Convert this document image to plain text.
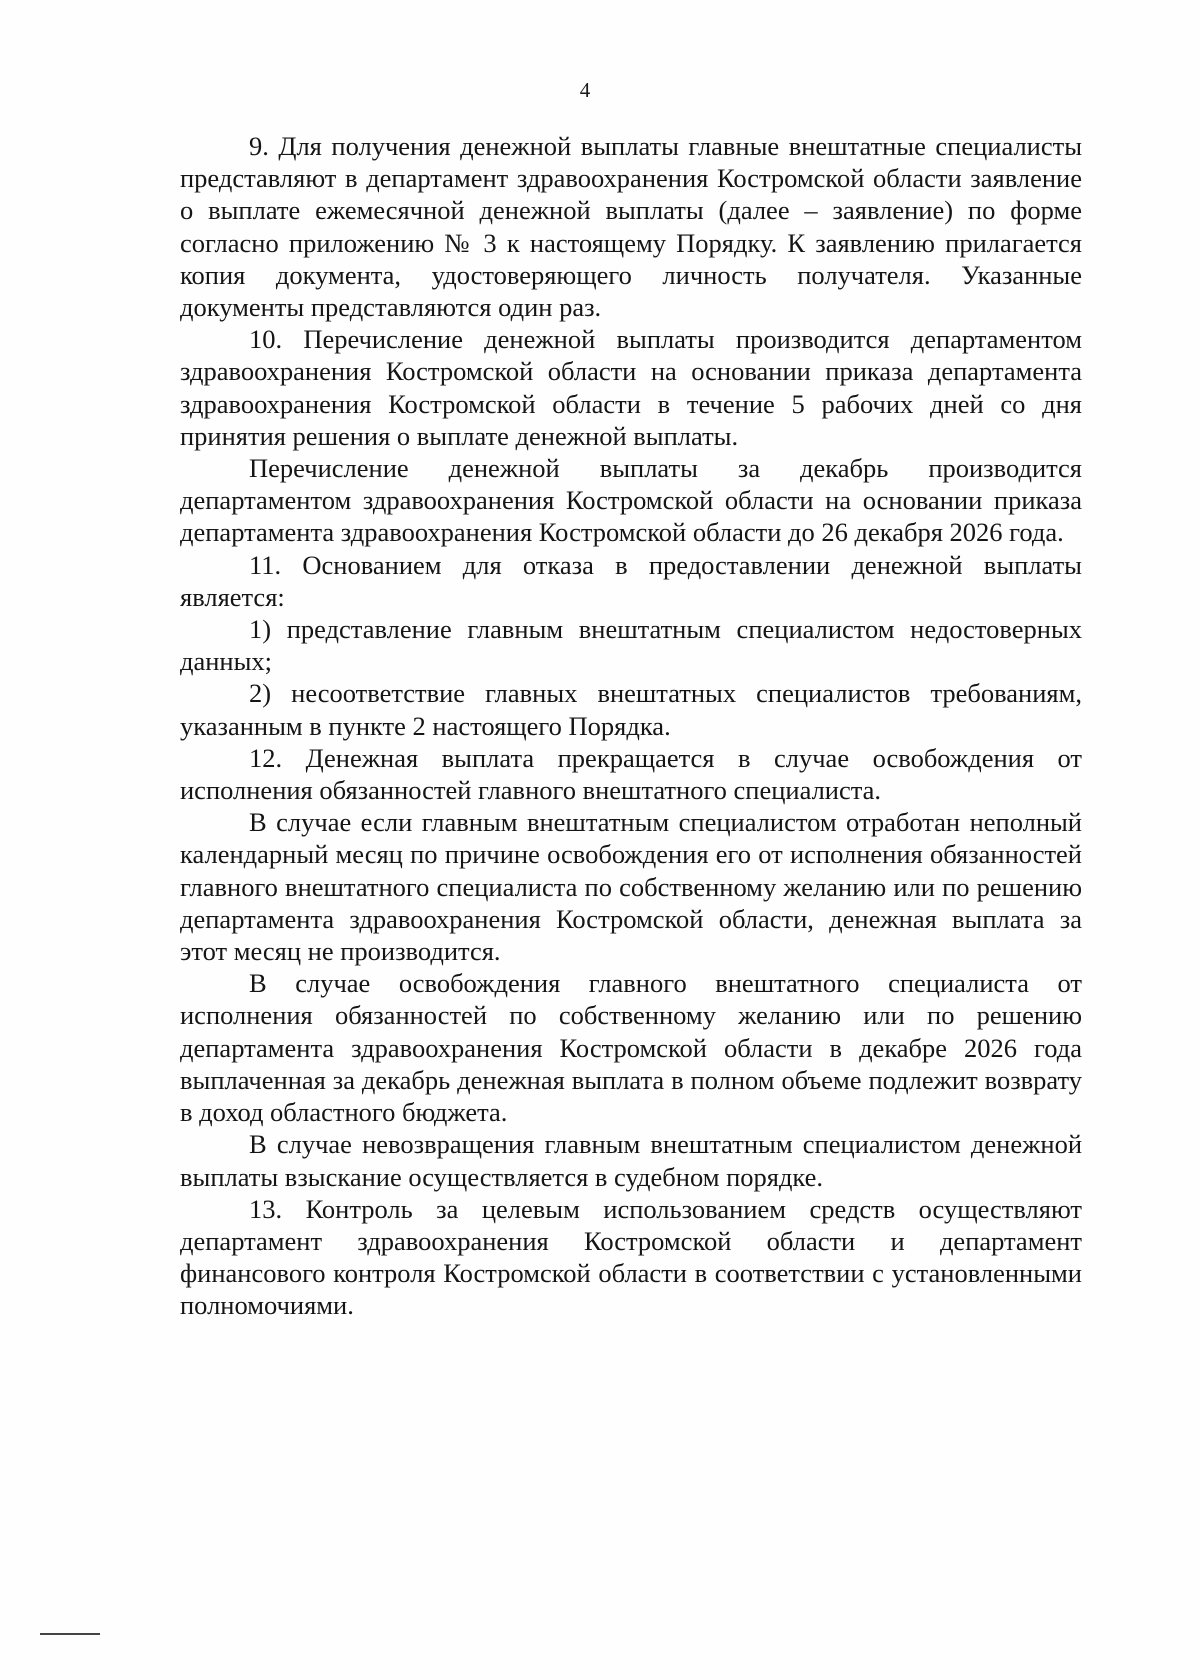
4

9. Для получения денежной выплаты главные внештатные специалисты представляют в департамент здравоохранения Костромской области заявление о выплате ежемесячной денежной выплаты (далее – заявление) по форме согласно приложению № 3 к настоящему Порядку. К заявлению прилагается копия документа, удостоверяющего личность получателя. Указанные документы представляются один раз.

10. Перечисление денежной выплаты производится департаментом здравоохранения Костромской области на основании приказа департамента здравоохранения Костромской области в течение 5 рабочих дней со дня принятия решения о выплате денежной выплаты.

Перечисление денежной выплаты за декабрь производится департаментом здравоохранения Костромской области на основании приказа департамента здравоохранения Костромской области до 26 декабря 2026 года.

11. Основанием для отказа в предоставлении денежной выплаты является:

1) представление главным внештатным специалистом недостоверных данных;

2) несоответствие главных внештатных специалистов требованиям, указанным в пункте 2 настоящего Порядка.

12. Денежная выплата прекращается в случае освобождения от исполнения обязанностей главного внештатного специалиста.

В случае если главным внештатным специалистом отработан неполный календарный месяц по причине освобождения его от исполнения обязанностей главного внештатного специалиста по собственному желанию или по решению департамента здравоохранения Костромской области, денежная выплата за этот месяц не производится.

В случае освобождения главного внештатного специалиста от исполнения обязанностей по собственному желанию или по решению департамента здравоохранения Костромской области в декабре 2026 года выплаченная за декабрь денежная выплата в полном объеме подлежит возврату в доход областного бюджета.

В случае невозвращения главным внештатным специалистом денежной выплаты взыскание осуществляется в судебном порядке.

13. Контроль за целевым использованием средств осуществляют департамент здравоохранения Костромской области и департамент финансового контроля Костромской области в соответствии с установленными полномочиями.
